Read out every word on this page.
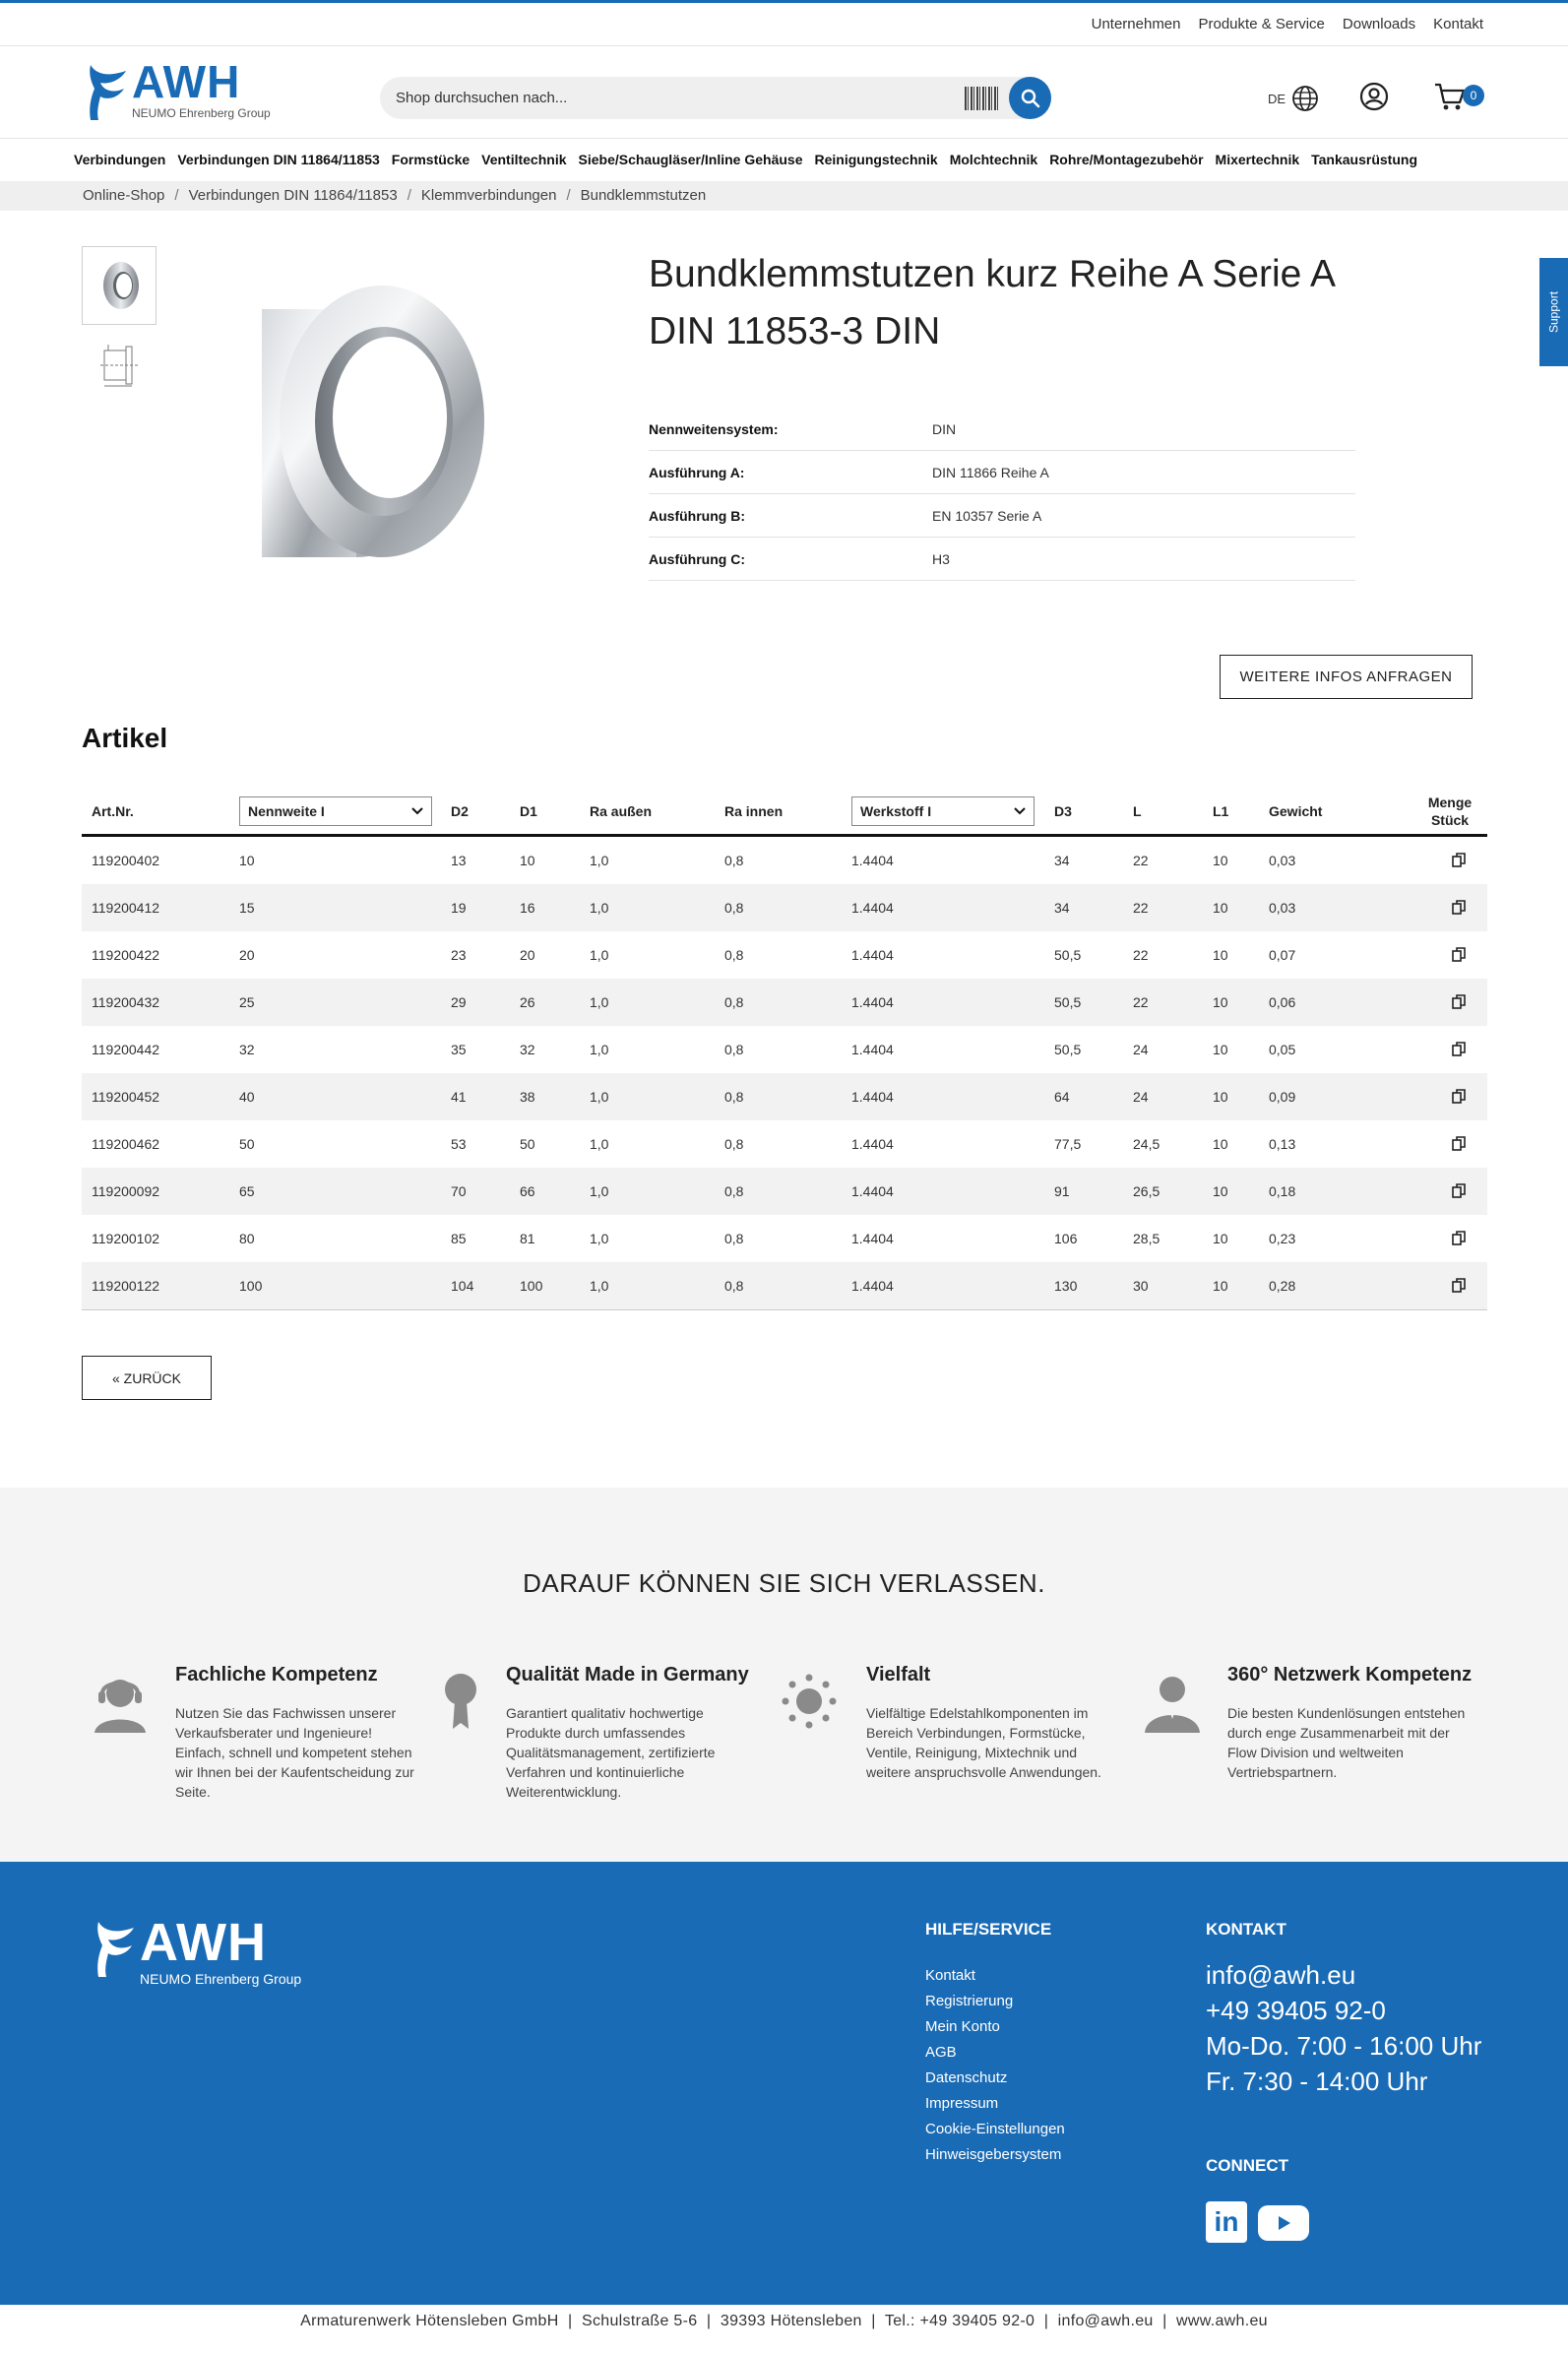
Unternehmen Produkte & Service Downloads Kontakt
AWH
NEUMO Ehrenberg Group
Shop durchsuchen nach...
DE	0
Verbindungen Verbindungen DIN 11864/11853 Formstücke Ventiltechnik Siebe/Schaugläser/Inline Gehäuse Reinigungstechnik Molchtechnik Rohre/Montagezubehör Mixertechnik Tankausrüstung
Online-Shop / Verbindungen DIN 11864/11853 / Klemmverbindungen / Bundklemmstutzen
Support
Bundklemmstutzen kurz Reihe A Serie A DIN 11853-3 DIN
Nennweitensystem:	DIN
Ausführung A:	DIN 11866 Reihe A
Ausführung B:	EN 10357 Serie A
Ausführung C:	H3
WEITERE INFOS ANFRAGEN
Artikel
Art.Nr.	Nennweite I	D2	D1	Ra außen	Ra innen	Werkstoff I	D3	L	L1	Gewicht
Menge
Stück
119200402	10	13	10	1,0	0,8	1.4404	34	22	10	0,03
119200412	15	19	16	1,0	0,8	1.4404	34	22	10	0,03
119200422	20	23	20	1,0	0,8	1.4404	50,5	22	10	0,07
119200432	25	29	26	1,0	0,8	1.4404	50,5	22	10	0,06
119200442	32	35	32	1,0	0,8	1.4404	50,5	24	10	0,05
119200452	40	41	38	1,0	0,8	1.4404	64	24	10	0,09
119200462	50	53	50	1,0	0,8	1.4404	77,5	24,5	10	0,13
119200092	65	70	66	1,0	0,8	1.4404	91	26,5	10	0,18
119200102	80	85	81	1,0	0,8	1.4404	106	28,5	10	0,23
119200122	100	104	100	1,0	0,8	1.4404	130	30	10	0,28
« ZURÜCK
DARAUF KÖNNEN SIE SICH VERLASSEN.
Fachliche Kompetenz

Nutzen Sie das Fachwissen unserer Verkaufsberater und Ingenieure! Einfach, schnell und kompetent stehen wir Ihnen bei der Kaufentscheidung zur Seite.

Qualität Made in Germany

Garantiert qualitativ hochwertige Produkte durch umfassendes Qualitätsmanagement, zertifizierte Verfahren und kontinuierliche Weiterentwicklung.

Vielfalt

Vielfältige Edelstahlkomponenten im Bereich Verbindungen, Formstücke, Ventile, Reinigung, Mixtechnik und weitere anspruchsvolle Anwendungen.

360° Netzwerk Kompetenz

Die besten Kundenlösungen entstehen durch enge Zusammenarbeit mit der Flow Division und weltweiten Vertriebspartnern.

AWH
NEUMO Ehrenberg Group
HILFE/SERVICE
Kontakt
Registrierung
Mein Konto
AGB
Datenschutz
Impressum
Cookie-Einstellungen
Hinweisgebersystem
KONTAKT
info@awh.eu
+49 39405 92-0
Mo-Do. 7:00 - 16:00 Uhr
Fr. 7:30 - 14:00 Uhr
CONNECT
in
Armaturenwerk Hötensleben GmbH  |  Schulstraße 5-6  |  39393 Hötensleben  |  Tel.: +49 39405 92-0  |  info@awh.eu  |  www.awh.eu
